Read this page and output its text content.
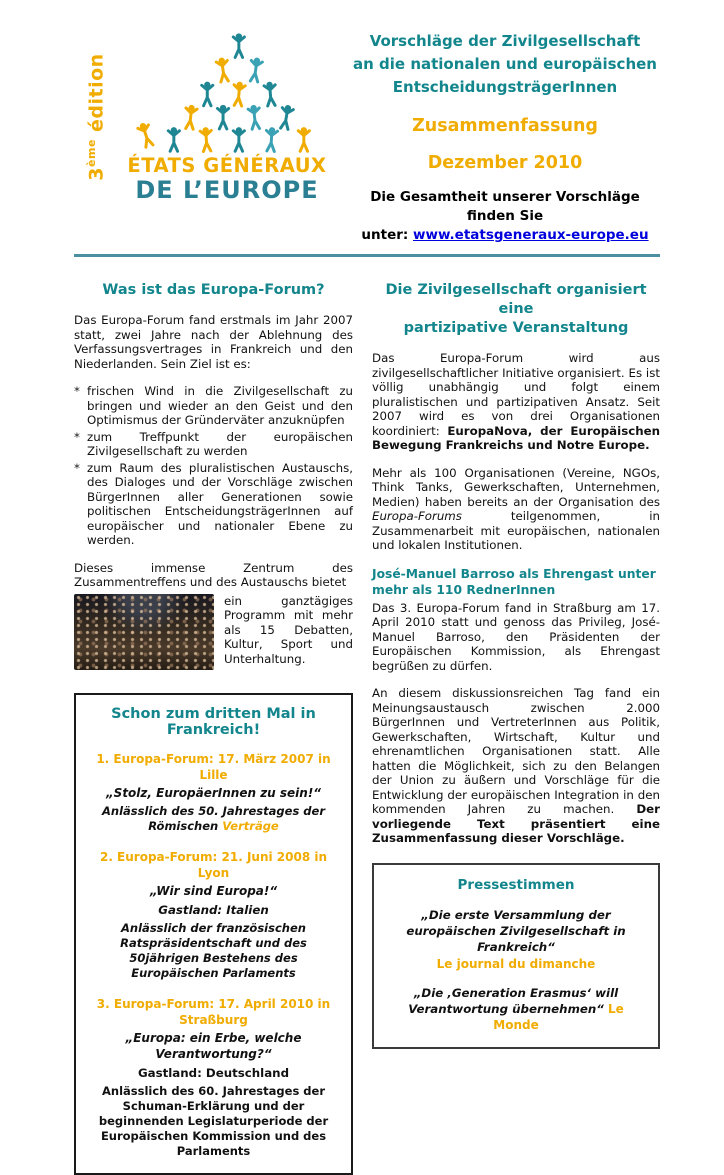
3ème édition
ÉTATS GÉNÉRAUX
DE L’EUROPE
Vorschläge der Zivilgesellschaft
an die nationalen und europäischen
EntscheidungsträgerInnen
Zusammenfassung
Dezember 2010
Die Gesamtheit unserer Vorschläge finden Sie
unter: www.etatsgeneraux-europe.eu
Was ist das Europa-Forum?

Das Europa-Forum fand erstmals im Jahr 2007 statt, zwei Jahre nach der Ablehnung des Verfassungsvertrages in Frankreich und den Niederlanden. Sein Ziel ist es:

* frischen Wind in die Zivilgesellschaft zu bringen und wieder an den Geist und den Optimismus der Gründerväter anzuknüpfen
* zum Treffpunkt der europäischen Zivilgesellschaft zu werden
* zum Raum des pluralistischen Austauschs, des Dialoges und der Vorschläge zwischen BürgerInnen aller Generationen sowie politischen EntscheidungsträgerInnen auf europäischer und nationaler Ebene zu werden.

Dieses immense Zentrum des Zusammentreffens und des Austauschs bietet

ein ganztägiges Programm mit mehr als 15 Debatten, Kultur, Sport und Unterhaltung.

Schon zum dritten Mal in Frankreich!
1. Europa-Forum: 17. März 2007 in Lille
„Stolz, EuropäerInnen zu sein!“
Anlässlich des 50. Jahrestages der Römischen Verträge
2. Europa-Forum: 21. Juni 2008 in Lyon
„Wir sind Europa!“
Gastland: Italien
Anlässlich der französischen Ratspräsidentschaft und des 50jährigen Bestehens des Europäischen Parlaments
3. Europa-Forum: 17. April 2010 in Straßburg
„Europa: ein Erbe, welche Verantwortung?“
Gastland: Deutschland
Anlässlich des 60. Jahrestages der Schuman-Erklärung und der beginnenden Legislaturperiode der Europäischen Kommission und des Parlaments
Die Zivilgesellschaft organisiert eine
partizipative Veranstaltung

Das Europa-Forum wird aus zivilgesellschaftlicher Initiative organisiert. Es ist völlig unabhängig und folgt einem pluralistischen und partizipativen Ansatz. Seit 2007 wird es von drei Organisationen koordiniert: EuropaNova, der Europäischen Bewegung Frankreichs und Notre Europe.

Mehr als 100 Organisationen (Vereine, NGOs, Think Tanks, Gewerkschaften, Unternehmen, Medien) haben bereits an der Organisation des Europa-Forums teilgenommen, in Zusammenarbeit mit europäischen, nationalen und lokalen Institutionen.

José-Manuel Barroso als Ehrengast unter mehr als 110 RednerInnen

Das 3. Europa-Forum fand in Straßburg am 17. April 2010 statt und genoss das Privileg, José-Manuel Barroso, den Präsidenten der Europäischen Kommission, als Ehrengast begrüßen zu dürfen.

An diesem diskussionsreichen Tag fand ein Meinungsaustausch zwischen 2.000 BürgerInnen und VertreterInnen aus Politik, Gewerkschaften, Wirtschaft, Kultur und ehrenamtlichen Organisationen statt. Alle hatten die Möglichkeit, sich zu den Belangen der Union zu äußern und Vorschläge für die Entwicklung der europäischen Integration in den kommenden Jahren zu machen. Der vorliegende Text präsentiert eine Zusammenfassung dieser Vorschläge.

Pressestimmen

„Die erste Versammlung der europäischen Zivilgesellschaft in Frankreich“

Le journal du dimanche

„Die ‚Generation Erasmus‘ will Verantwortung übernehmen“ Le Monde
